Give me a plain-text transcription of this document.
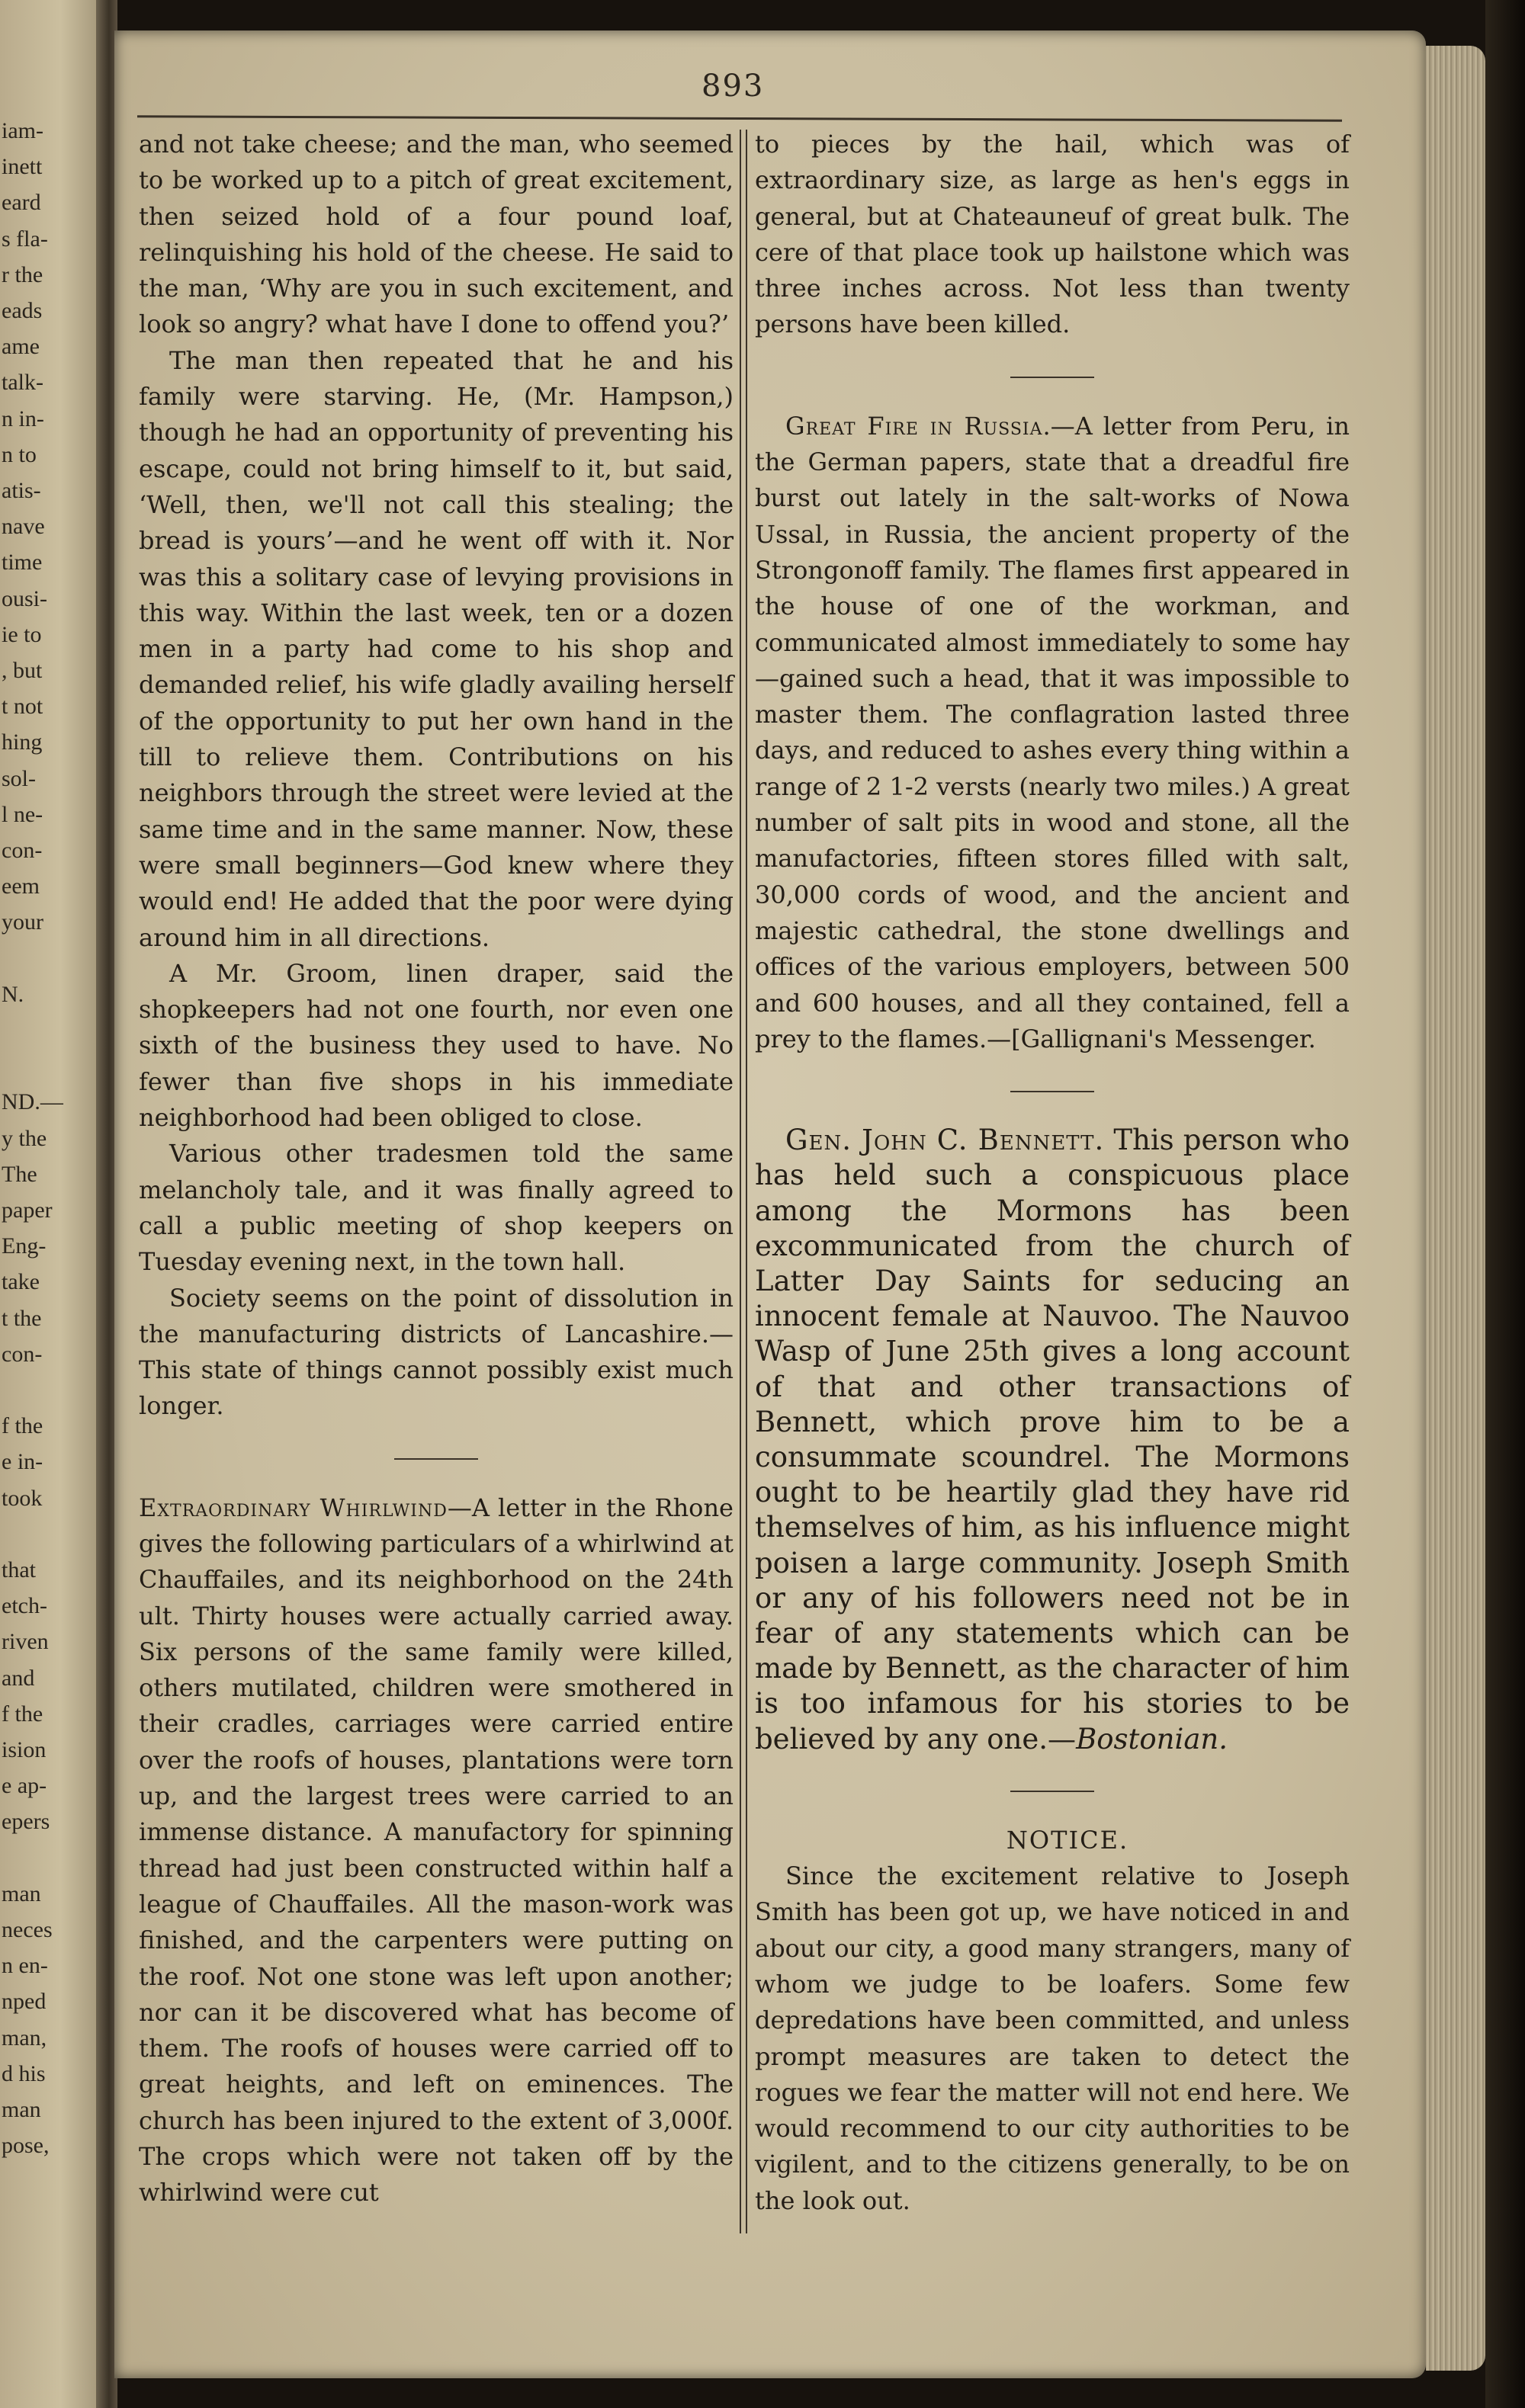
iam-
inett
eard
s fla-
r the
eads
ame
talk-
n in-
n to
atis-
nave
time
ousi-
ie to
, but
t not
hing
sol-
l ne-
con-
eem
your
N.
ND.—
y the
The
paper
Eng-
take
t the
con-
f the
e in-
took
that
etch-
riven
and
f the
ision
e ap-
epers
man
neces
n en-
nped
man,
d his
man
pose,
893

and not take cheese; and the man, who seemed to be worked up to a pitch of great excitement, then seized hold of a four pound loaf, relinquishing his hold of the cheese. He said to the man, ‘Why are you in such excitement, and look so angry? what have I done to offend you?’

The man then repeated that he and his family were starving. He, (Mr. Hampson,) though he had an opportunity of preventing his escape, could not bring himself to it, but said, ‘Well, then, we'll not call this stealing; the bread is yours’—and he went off with it. Nor was this a solitary case of levying provisions in this way. Within the last week, ten or a dozen men in a party had come to his shop and demanded relief, his wife gladly availing herself of the opportunity to put her own hand in the till to relieve them. Contributions on his neighbors through the street were levied at the same time and in the same manner. Now, these were small beginners—God knew where they would end! He added that the poor were dying around him in all directions.

A Mr. Groom, linen draper, said the shopkeepers had not one fourth, nor even one sixth of the business they used to have. No fewer than five shops in his immediate neighborhood had been obliged to close.

Various other tradesmen told the same melancholy tale, and it was finally agreed to call a public meeting of shop keepers on Tuesday evening next, in the town hall.

Society seems on the point of dissolution in the manufacturing districts of Lancashire.—This state of things cannot possibly exist much longer.

Extraordinary Whirlwind—A letter in the Rhone gives the following particulars of a whirlwind at Chauffailes, and its neighborhood on the 24th ult. Thirty houses were actually carried away. Six persons of the same family were killed, others mutilated, children were smothered in their cradles, carriages were carried entire over the roofs of houses, plantations were torn up, and the largest trees were carried to an immense distance. A manufactory for spinning thread had just been constructed within half a league of Chauffailes. All the mason-work was finished, and the carpenters were putting on the roof. Not one stone was left upon another; nor can it be discovered what has become of them. The roofs of houses were carried off to great heights, and left on eminences. The church has been injured to the extent of 3,000f. The crops which were not taken off by the whirlwind were cut

to pieces by the hail, which was of extraordinary size, as large as hen's eggs in general, but at Chateauneuf of great bulk. The cere of that place took up hailstone which was three inches across. Not less than twenty persons have been killed.

Great Fire in Russia.—A letter from Peru, in the German papers, state that a dreadful fire burst out lately in the salt-works of Nowa Ussal, in Russia, the ancient property of the Strongonoff family. The flames first appeared in the house of one of the workman, and communicated almost immediately to some hay—gained such a head, that it was impossible to master them. The conflagration lasted three days, and reduced to ashes every thing within a range of 2 1-2 versts (nearly two miles.) A great number of salt pits in wood and stone, all the manufactories, fifteen stores filled with salt, 30,000 cords of wood, and the ancient and majestic cathedral, the stone dwellings and offices of the various employers, between 500 and 600 houses, and all they contained, fell a prey to the flames.—[Gallignani's Messenger.

Gen. John C. Bennett. This person who has held such a conspicuous place among the Mormons has been excommunicated from the church of Latter Day Saints for seducing an innocent female at Nauvoo. The Nauvoo Wasp of June 25th gives a long account of that and other transactions of Bennett, which prove him to be a consummate scoundrel. The Mormons ought to be heartily glad they have rid themselves of him, as his influence might poisen a large community. Joseph Smith or any of his followers need not be in fear of any statements which can be made by Bennett, as the character of him is too infamous for his stories to be believed by any one.—Bostonian.

NOTICE.

Since the excitement relative to Joseph Smith has been got up, we have noticed in and about our city, a good many strangers, many of whom we judge to be loafers. Some few depredations have been committed, and unless prompt measures are taken to detect the rogues we fear the matter will not end here. We would recommend to our city authorities to be vigilent, and to the citizens generally, to be on the look out.
